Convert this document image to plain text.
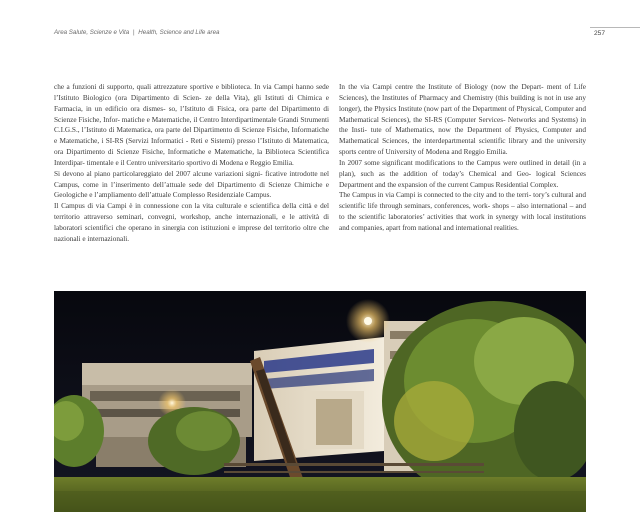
Area Salute, Scienze e Vita | Health, Science and Life area	257

che a funzioni di supporto, quali attrezzature sportive e biblioteca. In via Campi hanno sede l’Istituto Biologico (ora Dipartimento di Scien- ze della Vita), gli Istituti di Chimica e Farmacia, in un edificio ora dismes- so, l’Istituto di Fisica, ora parte del Dipartimento di Scienze Fisiche, Infor- matiche e Matematiche, il Centro Interdipartimentale Grandi Strumenti C.I.G.S., l’Istituto di Matematica, ora parte del Dipartimento di Scienze Fisiche, Informatiche e Matematiche, i SI-RS (Servizi Informatici - Reti e Sistemi) presso l’Istituto di Matematica, ora Dipartimento di Scienze Fisiche, Informatiche e Matematiche, la Biblioteca Scientifica Interdipar- timentale e il Centro universitario sportivo di Modena e Reggio Emilia.

Si devono al piano particolareggiato del 2007 alcune variazioni signi- ficative introdotte nel Campus, come in l’inserimento dell’attuale sede del Dipartimento di Scienze Chimiche e Geologiche e l’ampliamento dell’attuale Complesso Residenziale Campus.

Il Campus di via Campi è in connessione con la vita culturale e scientifica della città e del territorio attraverso seminari, convegni, workshop, anche internazionali, e le attività di laboratori scientifici che operano in sinergia con istituzioni e imprese del territorio oltre che nazionali e internazionali.

In the via Campi centre the Institute of Biology (now the Depart- ment of Life Sciences), the Institutes of Pharmacy and Chemistry (this building is not in use any longer), the Physics Institute (now part of the Department of Physical, Computer and Mathematical Sciences), the SI-RS (Computer Services- Networks and Systems) in the Insti- tute of Mathematics, now the Department of Physics, Computer and Mathematical Sciences, the interdepartmental scientific library and the university sports centre of University of Modena and Reggio Emilia.

In 2007 some significant modifications to the Campus were outlined in detail (in a plan), such as the addition of today’s Chemical and Geo- logical Sciences Department and the expansion of the current Campus Residential Complex.

The Campus in via Campi is connected to the city and to the terri- tory’s cultural and scientific life through seminars, conferences, work- shops – also international – and to the scientific laboratories’ activities that work in synergy with local institutions and companies, apart from national and international realities.
